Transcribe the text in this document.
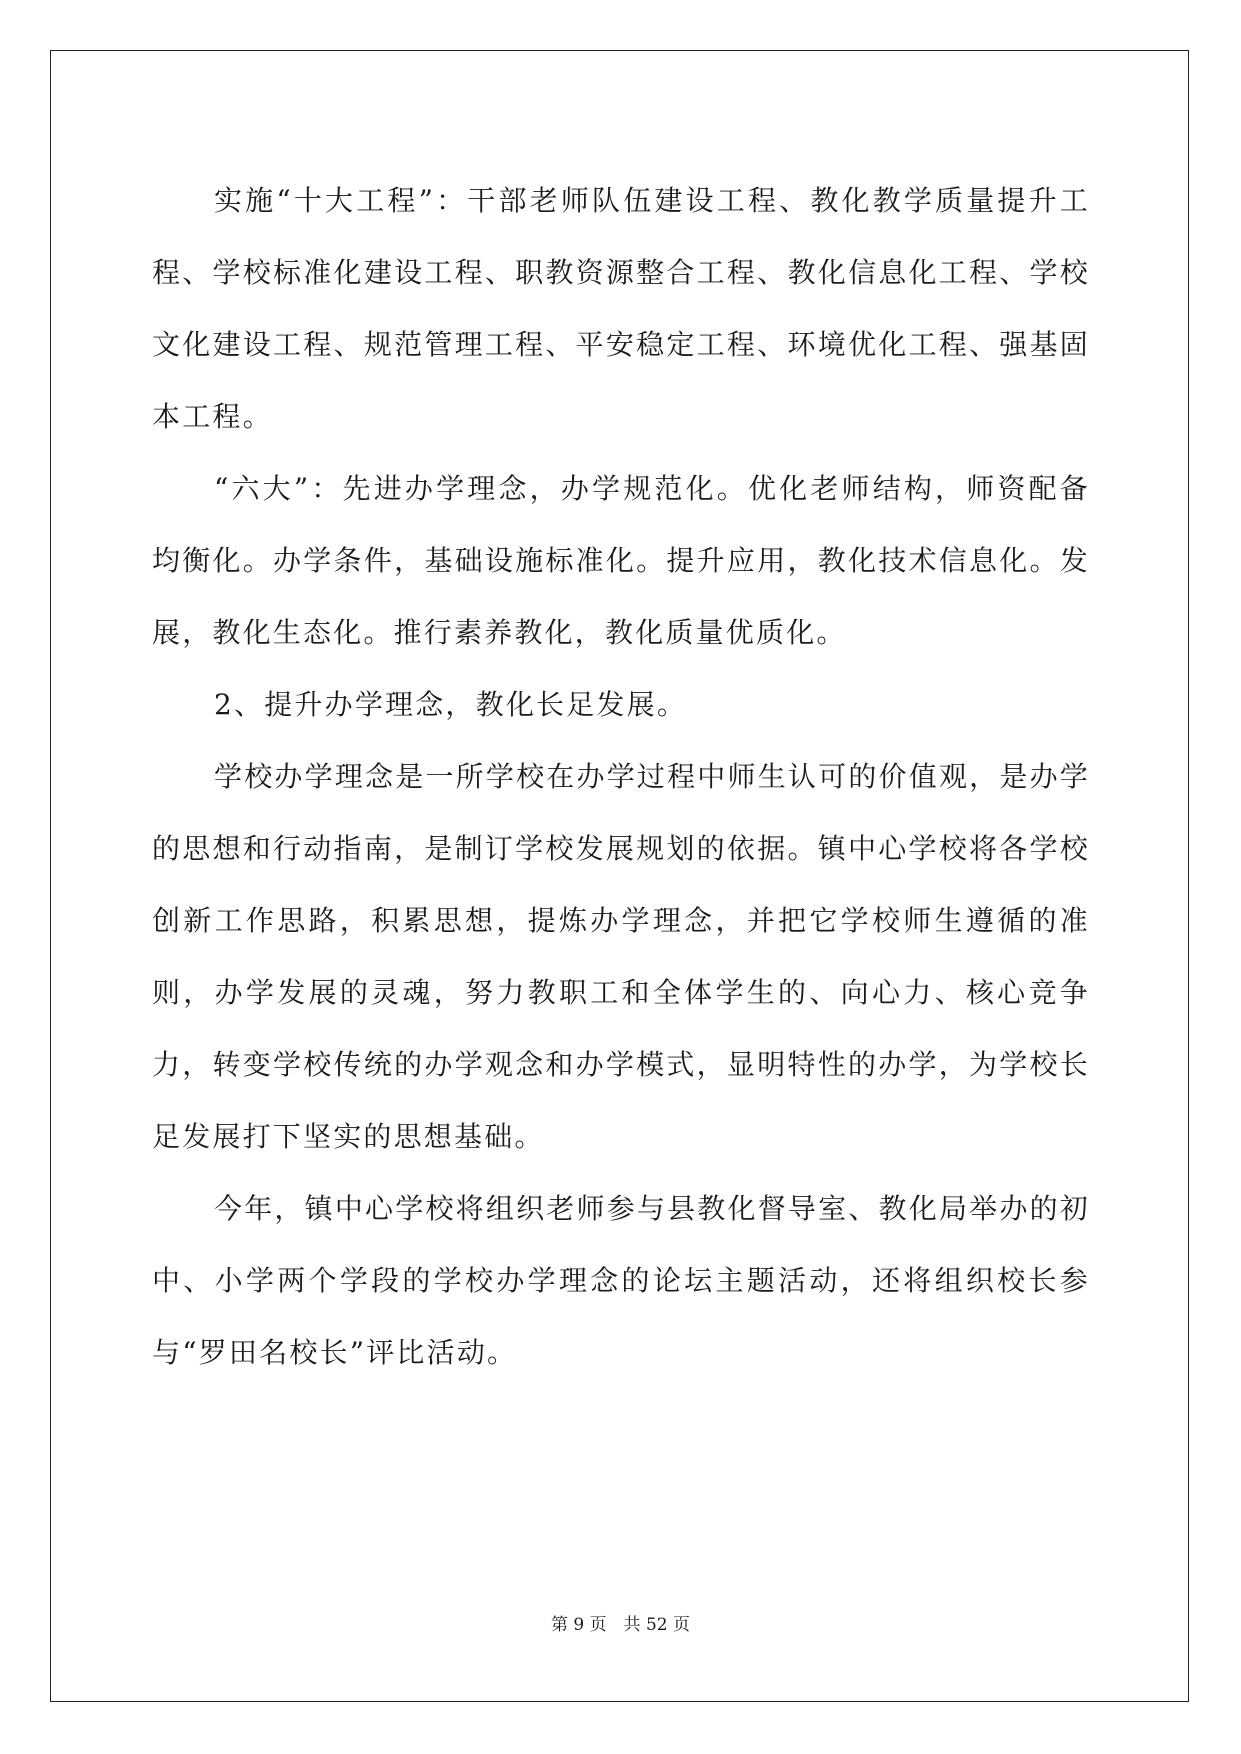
实施“十大工程”：干部老师队伍建设工程、教化教学质量提升工程、学校标准化建设工程、职教资源整合工程、教化信息化工程、学校文化建设工程、规范管理工程、平安稳定工程、环境优化工程、强基固本工程。

“六大”：先进办学理念，办学规范化。优化老师结构，师资配备均衡化。办学条件，基础设施标准化。提升应用，教化技术信息化。发展，教化生态化。推行素养教化，教化质量优质化。

2、提升办学理念，教化长足发展。

学校办学理念是一所学校在办学过程中师生认可的价值观，是办学的思想和行动指南，是制订学校发展规划的依据。镇中心学校将各学校创新工作思路，积累思想，提炼办学理念，并把它学校师生遵循的准则，办学发展的灵魂，努力教职工和全体学生的、向心力、核心竞争力，转变学校传统的办学观念和办学模式，显明特性的办学，为学校长足发展打下坚实的思想基础。

今年，镇中心学校将组织老师参与县教化督导室、教化局举办的初中、小学两个学段的学校办学理念的论坛主题活动，还将组织校长参与“罗田名校长”评比活动。

第 9 页　共 52 页
